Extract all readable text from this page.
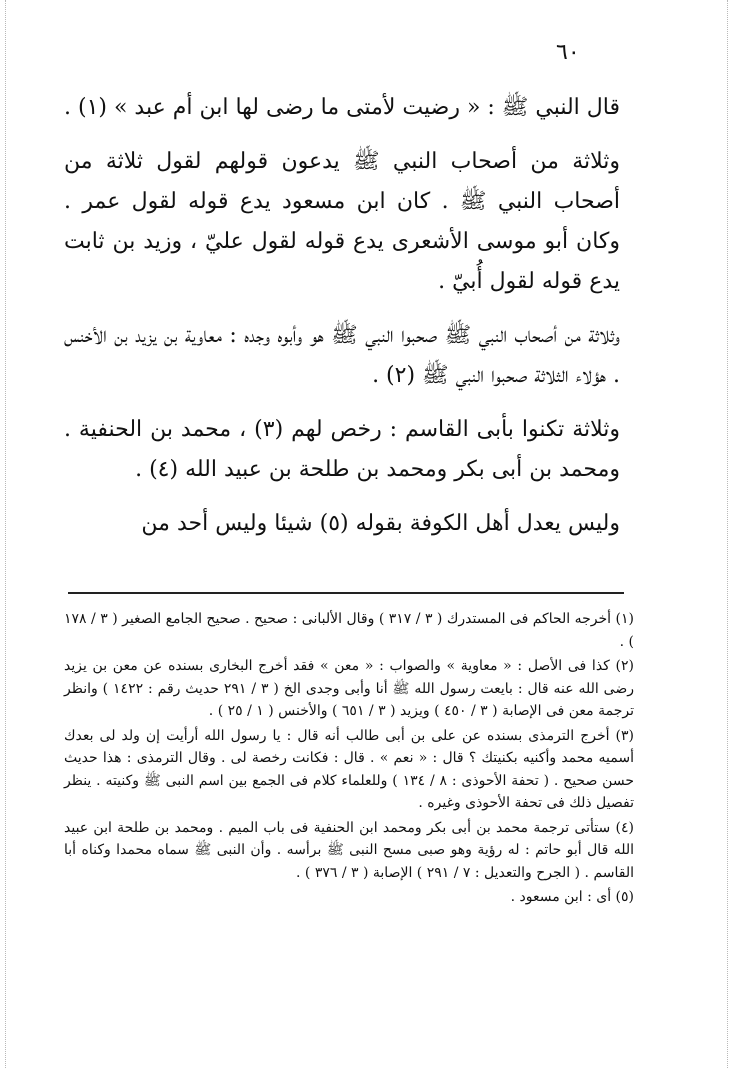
٦٠

قال النبي ﷺ : « رضيت لأمتى ما رضى لها ابن أم عبد » (١) .

وثلاثة من أصحاب النبي ﷺ يدعون قولهم لقول ثلاثة من أصحاب النبي ﷺ . كان ابن مسعود يدع قوله لقول عمر . وكان أبو موسى الأشعرى يدع قوله لقول عليّ ، وزيد بن ثابت يدع قوله لقول أُبيّ .

وثلاثة من أصحاب النبي ﷺ صحبوا النبي ﷺ هو وأبوه وجده : معاوية بن يزيد بن الأخنس . هؤلاء الثلاثة صحبوا النبي ﷺ (٢) .

وثلاثة تكنوا بأبى القاسم : رخص لهم (٣) ، محمد بن الحنفية . ومحمد بن أبى بكر ومحمد بن طلحة بن عبيد الله (٤) .

وليس يعدل أهل الكوفة بقوله (٥) شيئا وليس أحد من

(١) أخرجه الحاكم فى المستدرك ( ٣ / ٣١٧ ) وقال الألبانى : صحيح . صحيح الجامع الصغير ( ٣ / ١٧٨ ) .

(٢) كذا فى الأصل : « معاوية » والصواب : « معن » فقد أخرج البخارى بسنده عن معن بن يزيد رضى الله عنه قال : بايعت رسول الله ﷺ أنا وأبى وجدى الخ ( ٣ / ٢٩١ حديث رقم : ١٤٢٢ ) وانظر ترجمة معن فى الإصابة ( ٣ / ٤٥٠ ) ويزيد ( ٣ / ٦٥١ ) والأخنس ( ١ / ٢٥ ) .

(٣) أخرج الترمذى بسنده عن على بن أبى طالب أنه قال : يا رسول الله أرأيت إن ولد لى بعدك أسميه محمد وأكنيه بكنيتك ؟ قال : « نعم » . قال : فكانت رخصة لى . وقال الترمذى : هذا حديث حسن صحيح . ( تحفة الأحوذى : ٨ / ١٣٤ ) وللعلماء كلام فى الجمع بين اسم النبى ﷺ وكنيته . ينظر تفصيل ذلك فى تحفة الأحوذى وغيره .

(٤) ستأتى ترجمة محمد بن أبى بكر ومحمد ابن الحنفية فى باب الميم . ومحمد بن طلحة ابن عبيد الله قال أبو حاتم : له رؤية وهو صبى مسح النبى ﷺ برأسه . وأن النبى ﷺ سماه محمدا وكناه أبا القاسم . ( الجرح والتعديل : ٧ / ٢٩١ ) الإصابة ( ٣ / ٣٧٦ ) .

(٥) أى : ابن مسعود .
